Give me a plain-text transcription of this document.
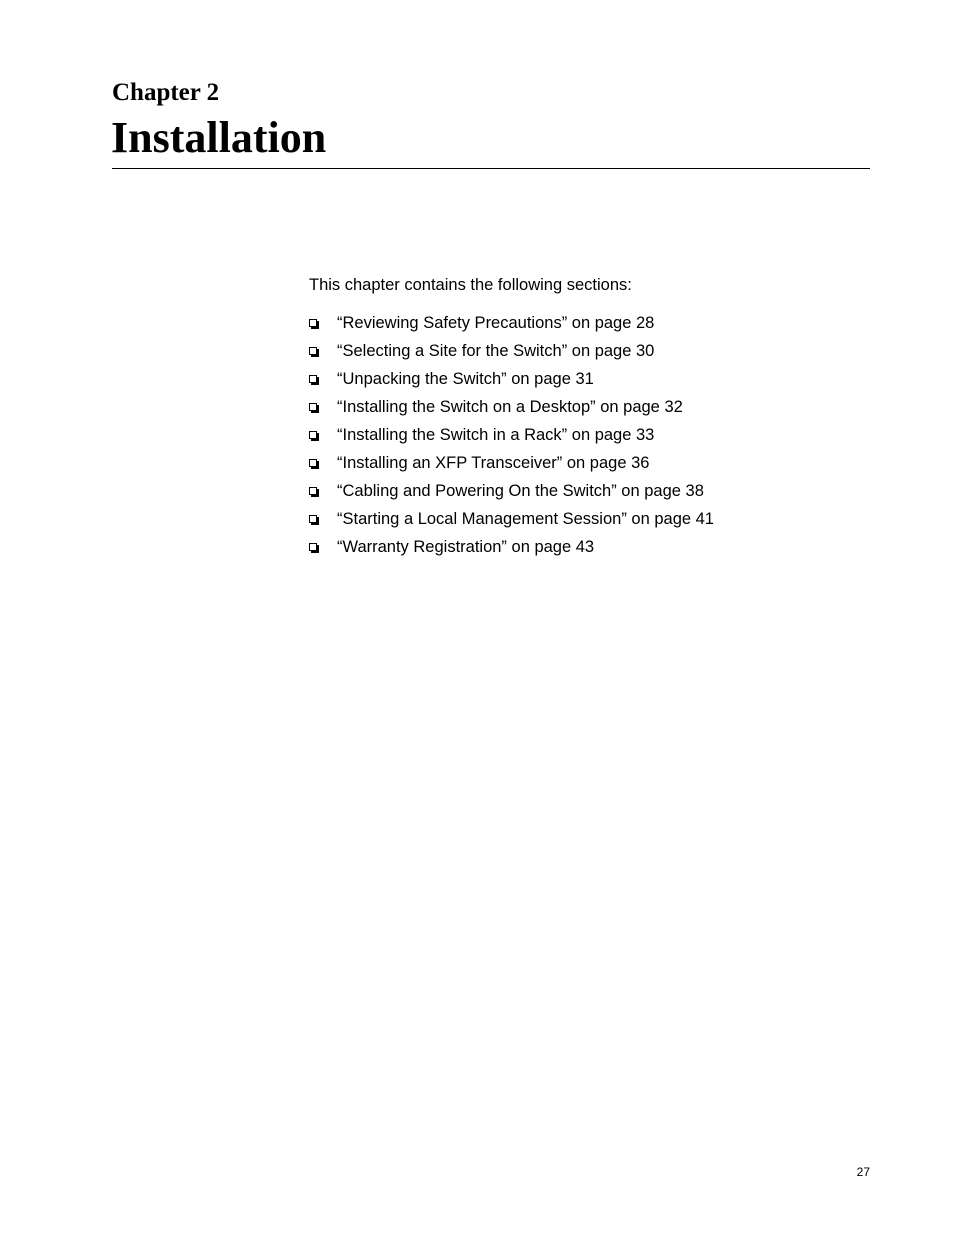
Chapter 2
Installation

This chapter contains the following sections:

“Reviewing Safety Precautions” on page 28
“Selecting a Site for the Switch” on page 30
“Unpacking the Switch” on page 31
“Installing the Switch on a Desktop” on page 32
“Installing the Switch in a Rack” on page 33
“Installing an XFP Transceiver” on page 36
“Cabling and Powering On the Switch” on page 38
“Starting a Local Management Session” on page 41
“Warranty Registration” on page 43

27
